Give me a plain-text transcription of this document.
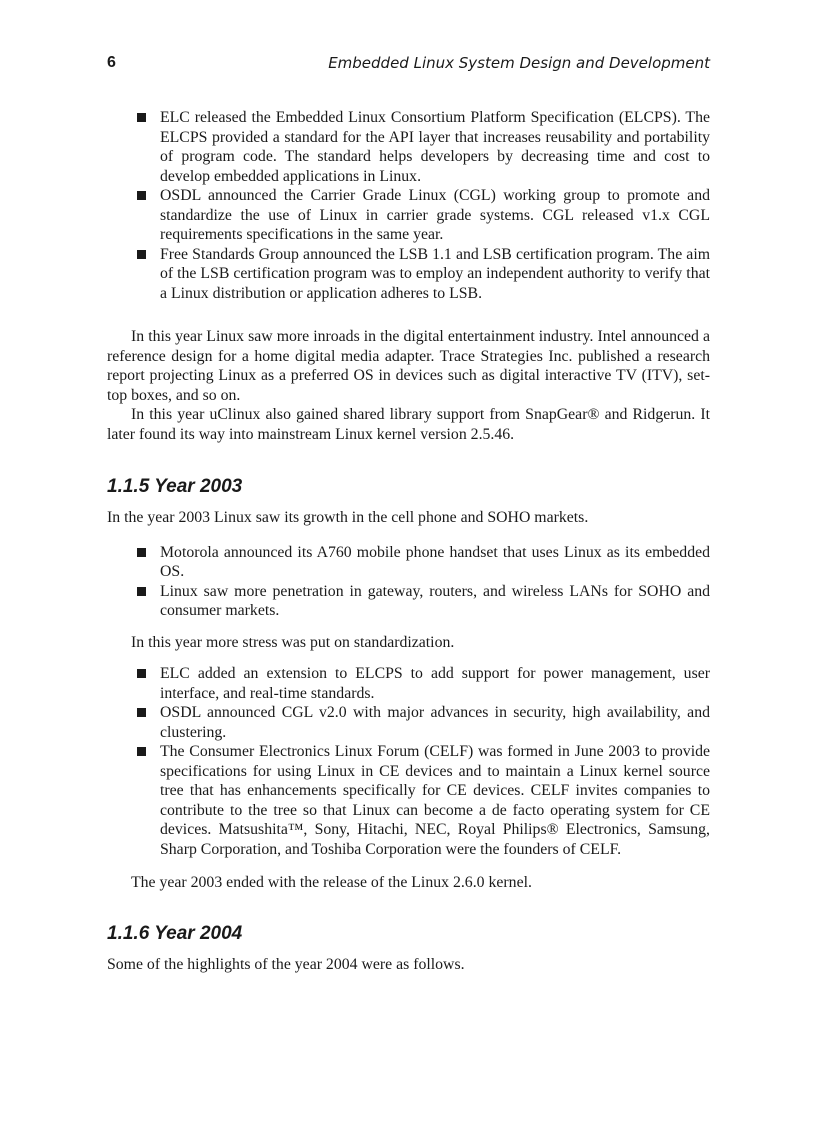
6	Embedded Linux System Design and Development
ELC released the Embedded Linux Consortium Platform Specification (ELCPS). The ELCPS provided a standard for the API layer that increases reusability and portability of program code. The standard helps developers by decreasing time and cost to develop embedded applications in Linux.
OSDL announced the Carrier Grade Linux (CGL) working group to promote and standardize the use of Linux in carrier grade systems. CGL released v1.x CGL requirements specifications in the same year.
Free Standards Group announced the LSB 1.1 and LSB certification program. The aim of the LSB certification program was to employ an independent authority to verify that a Linux distribution or application adheres to LSB.

In this year Linux saw more inroads in the digital entertainment industry. Intel announced a reference design for a home digital media adapter. Trace Strategies Inc. published a research report projecting Linux as a preferred OS in devices such as digital interactive TV (ITV), set-top boxes, and so on.

In this year uClinux also gained shared library support from SnapGear® and Ridgerun. It later found its way into mainstream Linux kernel version 2.5.46.

1.1.5 Year 2003

In the year 2003 Linux saw its growth in the cell phone and SOHO markets.

Motorola announced its A760 mobile phone handset that uses Linux as its embedded OS.
Linux saw more penetration in gateway, routers, and wireless LANs for SOHO and consumer markets.

In this year more stress was put on standardization.

ELC added an extension to ELCPS to add support for power management, user interface, and real-time standards.
OSDL announced CGL v2.0 with major advances in security, high availability, and clustering.
The Consumer Electronics Linux Forum (CELF) was formed in June 2003 to provide specifications for using Linux in CE devices and to maintain a Linux kernel source tree that has enhancements specifically for CE devices. CELF invites companies to contribute to the tree so that Linux can become a de facto operating system for CE devices. Matsushita™, Sony, Hitachi, NEC, Royal Philips® Electronics, Samsung, Sharp Corporation, and Toshiba Corporation were the founders of CELF.

The year 2003 ended with the release of the Linux 2.6.0 kernel.

1.1.6 Year 2004

Some of the highlights of the year 2004 were as follows.
